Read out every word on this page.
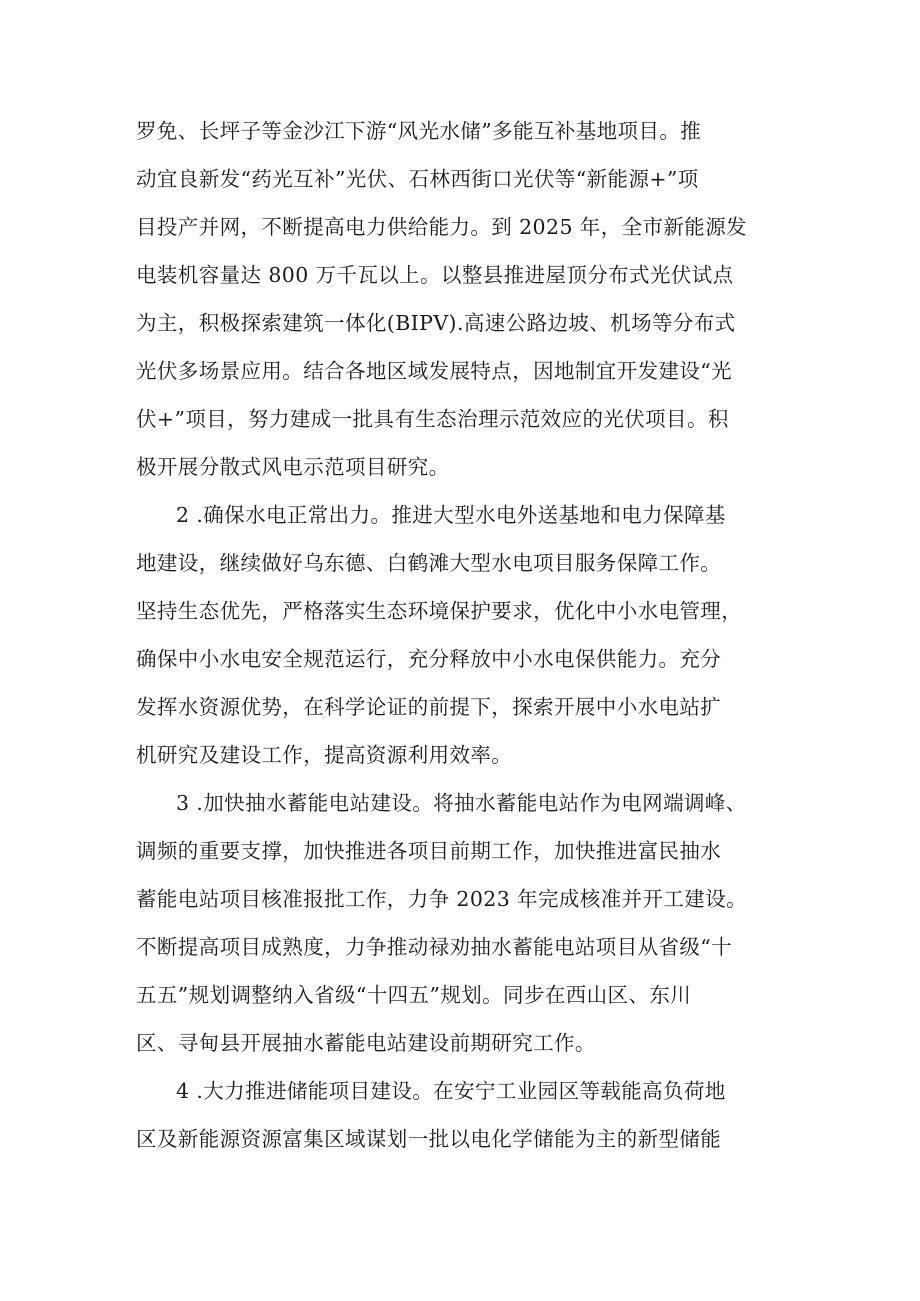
罗免、长坪子等金沙江下游“风光水储”多能互补基地项目。推
动宜良新发“药光互补”光伏、石林西街口光伏等“新能源+”项
目投产并网，不断提高电力供给能力。到 2025 年，全市新能源发
电装机容量达 800 万千瓦以上。以整县推进屋顶分布式光伏试点
为主，积极探索建筑一体化(BIPV).高速公路边坡、机场等分布式
光伏多场景应用。结合各地区域发展特点，因地制宜开发建设“光
伏+”项目，努力建成一批具有生态治理示范效应的光伏项目。积
极开展分散式风电示范项目研究。
2 .确保水电正常出力。推进大型水电外送基地和电力保障基
地建设，继续做好乌东德、白鹤滩大型水电项目服务保障工作。
坚持生态优先，严格落实生态环境保护要求，优化中小水电管理，
确保中小水电安全规范运行，充分释放中小水电保供能力。充分
发挥水资源优势，在科学论证的前提下，探索开展中小水电站扩
机研究及建设工作，提高资源利用效率。
3 .加快抽水蓄能电站建设。将抽水蓄能电站作为电网端调峰、
调频的重要支撑，加快推进各项目前期工作，加快推进富民抽水
蓄能电站项目核准报批工作，力争 2023 年完成核准并开工建设。
不断提高项目成熟度，力争推动禄劝抽水蓄能电站项目从省级“十
五五”规划调整纳入省级“十四五”规划。同步在西山区、东川
区、寻甸县开展抽水蓄能电站建设前期研究工作。
4 .大力推进储能项目建设。在安宁工业园区等载能高负荷地
区及新能源资源富集区域谋划一批以电化学储能为主的新型储能
